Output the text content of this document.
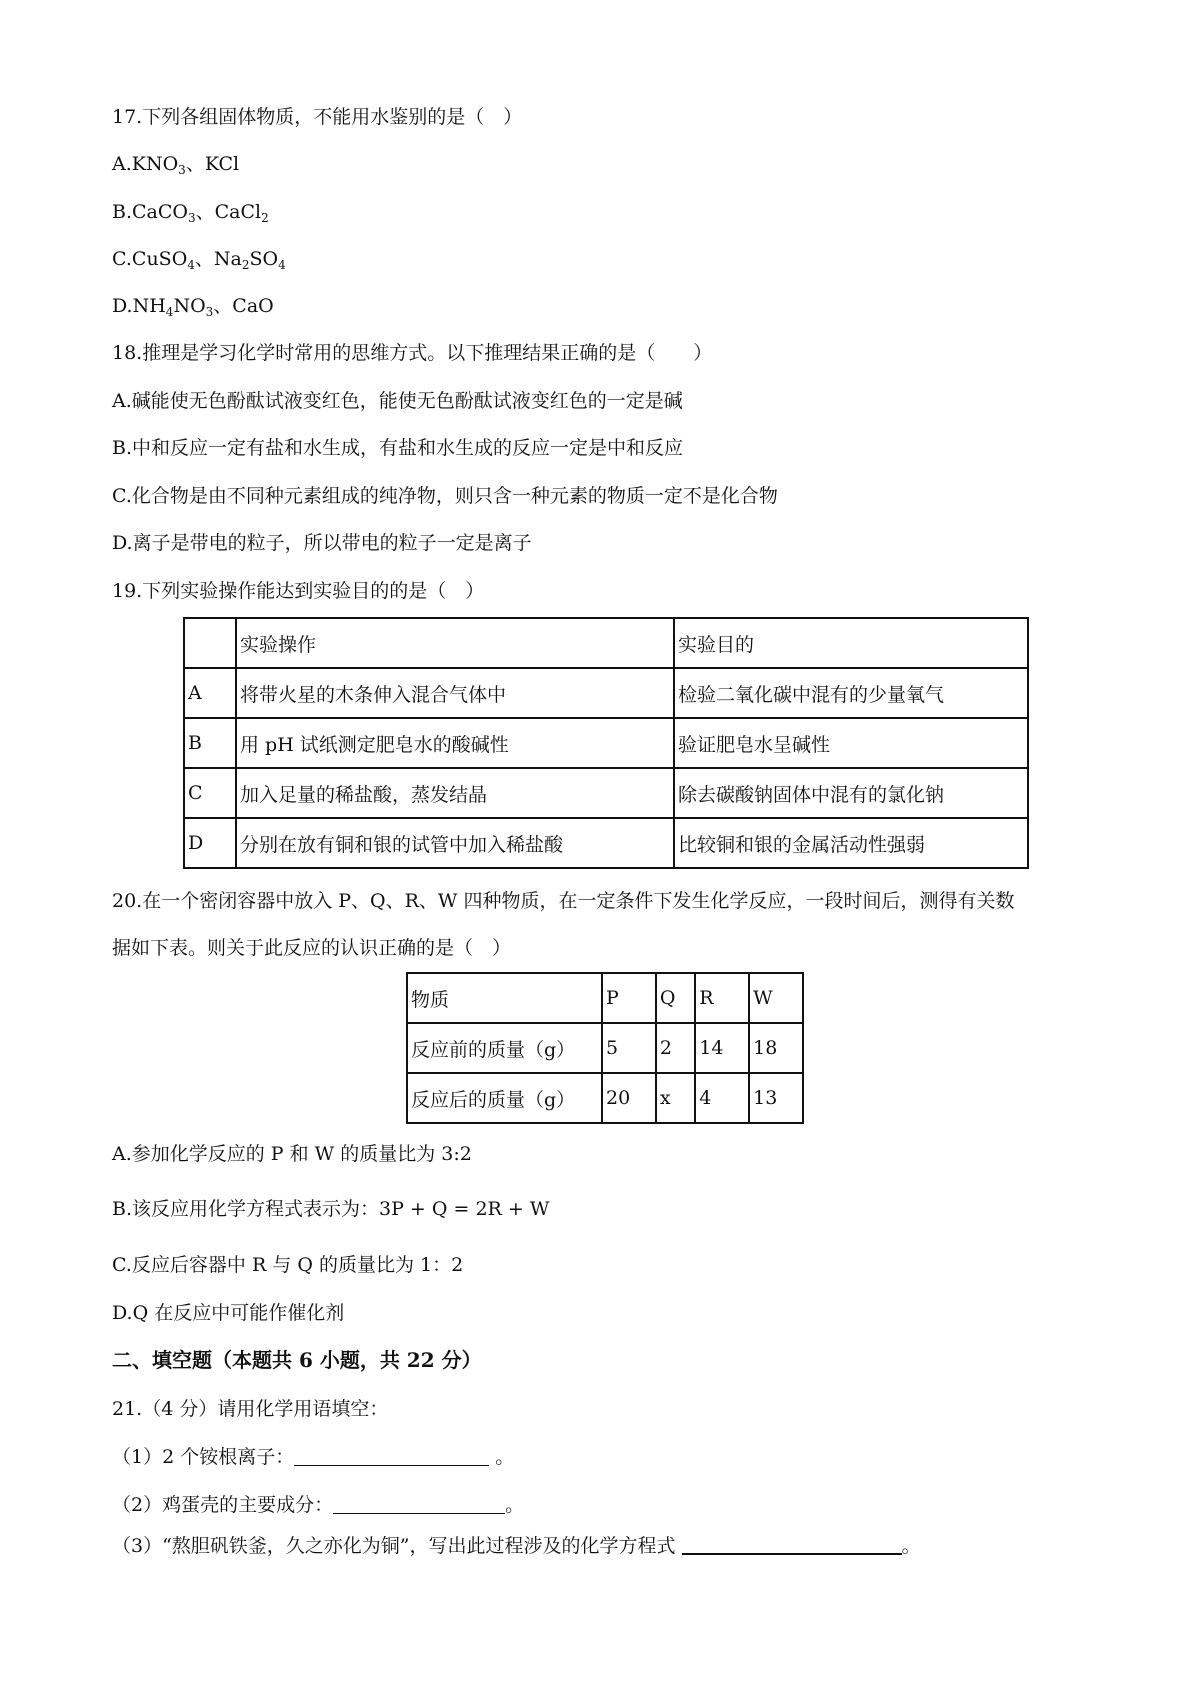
17.下列各组固体物质，不能用水鉴别的是（　）
$A.KNO_3$、KCl
B.CaCO$_3$、CaCl$_2$
C.CuSO$_4$、$Na_2SO_4$
$D.NH_4NO_3$、CaO
18.推理是学习化学时常用的思维方式。以下推理结果正确的是（　　）
A.碱能使无色酚酞试液变红色，能使无色酚酞试液变红色的一定是碱
B.中和反应一定有盐和水生成，有盐和水生成的反应一定是中和反应
C.化合物是由不同种元素组成的纯净物，则只含一种元素的物质一定不是化合物
D.离子是带电的粒子，所以带电的粒子一定是离子
19.下列实验操作能达到实验目的的是（　）
	实验操作	实验目的
A	将带火星的木条伸入混合气体中	检验二氧化碳中混有的少量氧气
B	用 pH 试纸测定肥皂水的酸碱性	验证肥皂水呈碱性
C	加入足量的稀盐酸，蒸发结晶	除去碳酸钠固体中混有的氯化钠
D	分别在放有铜和银的试管中加入稀盐酸	比较铜和银的金属活动性强弱
20.在一个密闭容器中放入 P、Q、R、W 四种物质，在一定条件下发生化学反应，一段时间后，测得有关数
据如下表。则关于此反应的认识正确的是（　）
物质	P	Q	R	W
反应前的质量（g）	5	2	14	18
反应后的质量（g）	20	x	4	13
A.参加化学反应的 P 和 W 的质量比为 3:2
B.该反应用化学方程式表示为：3P + Q = 2R + W
C.反应后容器中 R 与 Q 的质量比为 1：2
D.Q 在反应中可能作催化剂
二、填空题（本题共 6 小题，共 22 分）
21.（4 分）请用化学用语填空：
（1）2 个铵根离子：	。
（2）鸡蛋壳的主要成分：	。
（3）“熬胆矾铁釜，久之亦化为铜”，写出此过程涉及的化学方程式	。
